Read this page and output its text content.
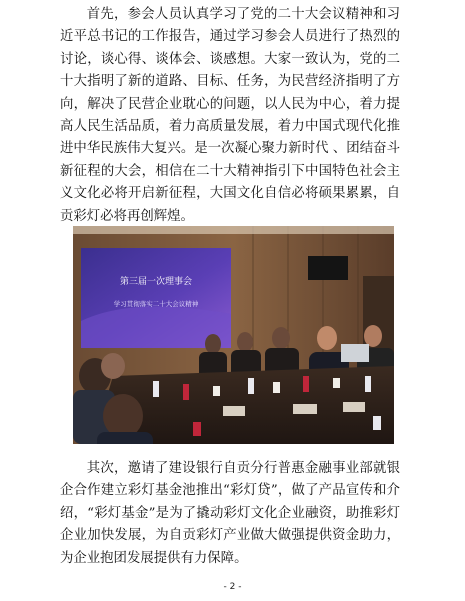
首先，参会人员认真学习了党的二十大会议精神和习近平总书记的工作报告，通过学习参会人员进行了热烈的讨论，谈心得、谈体会、谈感想。大家一致认为，党的二十大指明了新的道路、目标、任务，为民营经济指明了方向，解决了民营企业耽心的问题，以人民为中心，着力提高人民生活品质，着力高质量发展，着力中国式现代化推进中华民族伟大复兴。是一次凝心聚力新时代 、团结奋斗新征程的大会，相信在二十大精神指引下中国特色社会主义文化必将开启新征程，大国文化自信必将硕果累累，自贡彩灯必将再创辉煌。

第三届一次理事会
学习贯彻落实二十大会议精神

其次，邀请了建设银行自贡分行普惠金融事业部就银企合作建立彩灯基金池推出“彩灯贷”，做了产品宣传和介绍，“彩灯基金”是为了撬动彩灯文化企业融资，助推彩灯企业加快发展，为自贡彩灯产业做大做强提供资金助力，为企业抱团发展提供有力保障。

- 2 -
